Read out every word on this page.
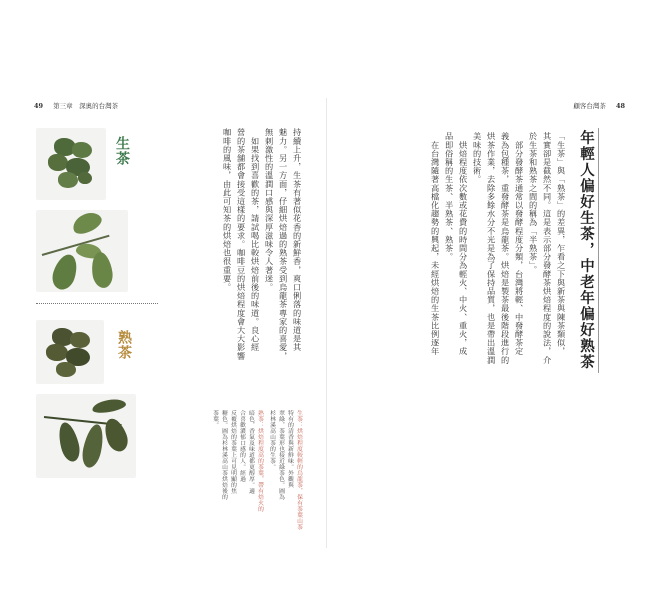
49 第三章　深奧的台灣茶	顧客台灣茶 48
生茶
熟茶	持續上升，生茶有著似花香的新鮮香，爽口俐落的味道是其
魅力。另一方面，仔細烘焙過的熟茶受到烏龍茶專家的喜愛，
無刺激性的溫潤口感與深厚滋味令人著迷。
　如果找到喜歡的茶，請試喝比較烘焙前後的味道。良心經
營的茶舖都會接受這樣的要求。咖啡豆的烘焙程度會大大影響
咖啡的風味，由此可知茶的烘焙也很重要。
生茶：烘焙程度較輕的烏龍茶，保有茶葉山茶
特有的清香與新鮮味。外觀與
翠綠，茶葉形也接近綠茶色。圖為
杉林溪高山茶的生茶。
熟茶：烘焙程度高的茶葉，帶有焙火的
暗色，香氣及味道都更醇厚。適
合喜歡濃郁口感的人。經過
反覆烘焙的茶葉上可見明顯的焦
糖色。圖為杉林溪高山茶烘焙後的
茶葉。
年輕人偏好生茶，中老年偏好熟茶
「生茶」與「熟茶」的差異，乍看之下與新茶與陳茶類似，
其實卻是截然不同。這是表示部分發酵茶烘焙程度的說法，介
於生茶和熟茶之間的稱為「半熟茶」。
　部分發酵茶通常以發酵程度分類，台灣將輕、中發酵茶定
義為包種茶，重發酵茶是烏龍茶。烘焙是製茶最後階段進行的
烘茶作業，去除多餘水分不光是為了保持品質，也是帶出溫潤
美味的技術。
　烘焙程度依次數或花費的時間分為輕火、中火、重火，成
品即俗稱的生茶、半熟茶、熟茶。
　在台灣隨著高檔化趨勢的興起，未經烘焙的生茶比例逐年
